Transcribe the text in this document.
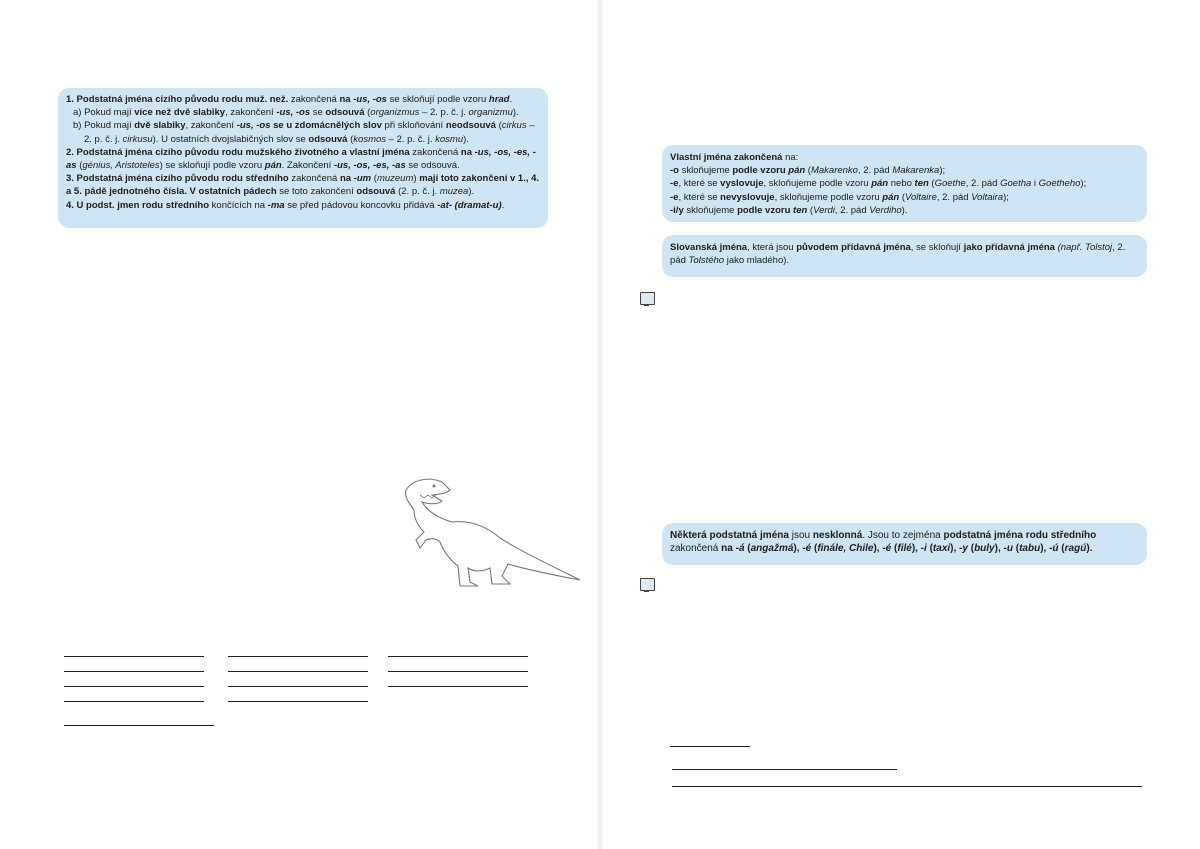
1. Podstatná jména cizího původu rodu muž. než. zakončená na -us, -os se skloňují podle vzoru hrad.

a) Pokud mají více než dvě slabiky, zakončení -us, -os se odsouvá (organizmus – 2. p. č. j. organizmu).

b) Pokud mají dvě slabiky, zakončení -us, -os se u zdomácnělých slov při skloňování neodsouvá (cirkus – 2. p. č. j. cirkusu). U ostatních dvojslabičných slov se odsouvá (kosmos – 2. p. č. j. kosmu).

2. Podstatná jména cizího původu rodu mužského životného a vlastní jména zakončená na -us, -os, -es, -as (génius, Aristoteles) se skloňují podle vzoru pán. Zakončení -us, -os, -es, -as se odsouvá.

3. Podstatná jména cizího původu rodu středního zakončená na -um (muzeum) mají toto zakončení v 1., 4. a 5. pádě jednotného čísla. V ostatních pádech se toto zakončení odsouvá (2. p. č. j. muzea).

4. U podst. jmen rodu středního končících na -ma se před pádovou koncovku přidává -at- (dramat-u).

Vlastní jména zakončená na:

-o skloňujeme podle vzoru pán (Makarenko, 2. pád Makarenka);

-e, které se vyslovuje, skloňujeme podle vzoru pán nebo ten (Goethe, 2. pád Goetha i Goetheho);

-e, které se nevyslovuje, skloňujeme podle vzoru pán (Voltaire, 2. pád Voltaira);

-i/y skloňujeme podle vzoru ten (Verdi, 2. pád Verdiho).

Slovanská jména, která jsou původem přídavná jména, se skloňují jako přídavná jména (např. Tolstoj, 2. pád Tolstého jako mladého).

Některá podstatná jména jsou nesklonná. Jsou to zejména podstatná jména rodu středního zakončená na -á (angažmá), -é (finále, Chile), -é (filé), -i (taxi), -y (buly), -u (tabu), -ú (ragú).
